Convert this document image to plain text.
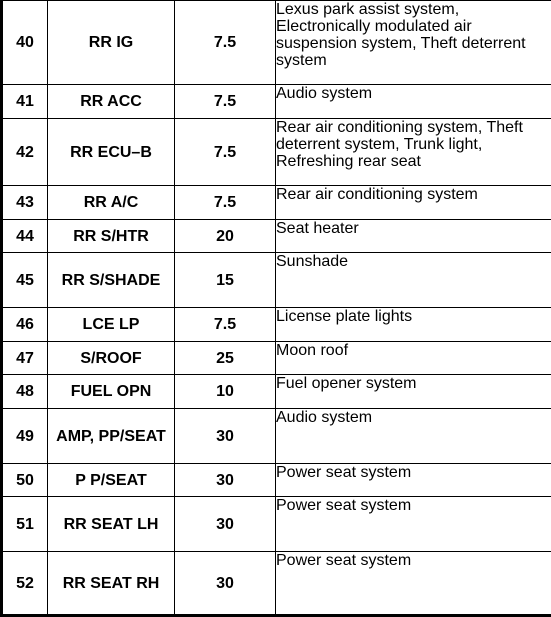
40	RR IG	7.5	Lexus park assist system, Electronically modulated air suspension system, Theft deterrent system
41	RR ACC	7.5	Audio system
42	RR ECU–B	7.5	Rear air conditioning system, Theft deterrent system, Trunk light, Refreshing rear seat
43	RR A/C	7.5	Rear air conditioning system
44	RR S/HTR	20	Seat heater
45	RR S/SHADE	15	Sunshade
46	LCE LP	7.5	License plate lights
47	S/ROOF	25	Moon roof
48	FUEL OPN	10	Fuel opener system
49	AMP, PP/SEAT	30	Audio system
50	P P/SEAT	30	Power seat system
51	RR SEAT LH	30	Power seat system
52	RR SEAT RH	30	Power seat system
